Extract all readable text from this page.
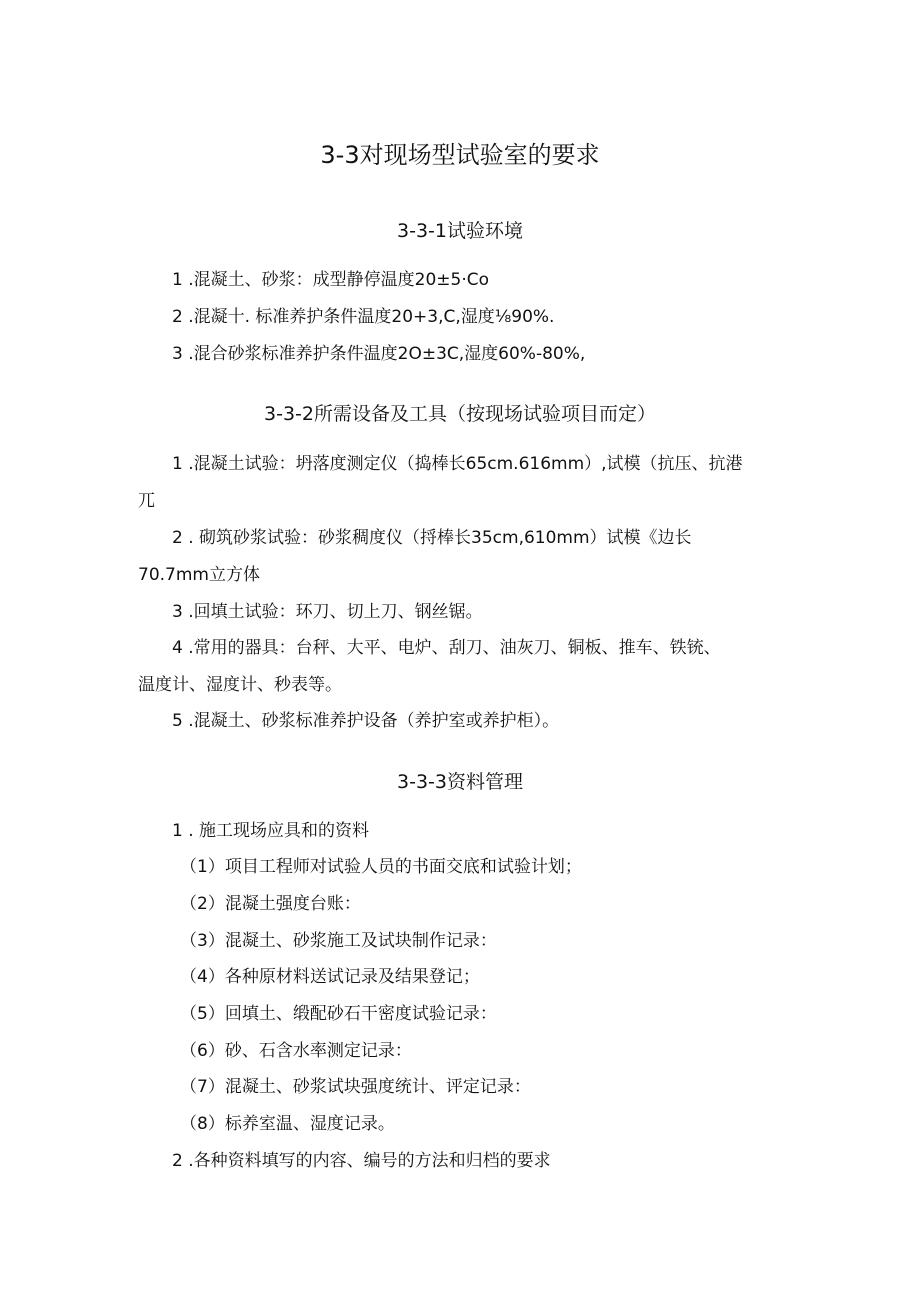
3-3对现场型试验室的要求
3-3-1试验环境
1 .混凝土、砂浆：成型静停温度20±5·Co
2 .混凝十. 标准养护条件温度20+3,C,湿度⅛90%.
3 .混合砂浆标准养护条件温度2O±3C,湿度60%-80%,
3-3-2所需设备及工具（按现场试验项目而定）
1 .混凝土试验：坍落度测定仪（捣棒长65cm.616mm）,试模（抗压、抗港
兀
2 . 砌筑砂浆试验：砂浆稠度仪（捋棒长35cm,610mm）试模《边长
70.7mm立方体
3 .回填土试验：环刀、切上刀、钢丝锯。
4 .常用的器具：台秤、大平、电炉、刮刀、油灰刀、铜板、推车、铁铳、
温度计、湿度计、秒表等。
5 .混凝土、砂浆标准养护设备（养护室或养护柜）。
3-3-3资料管理
1 . 施工现场应具和的资料
（1）项目工程师对试验人员的书面交底和试验计划；
（2）混凝土强度台账：
（3）混凝土、砂浆施工及试块制作记录：
（4）各种原材料送试记录及结果登记；
（5）回填土、缎配砂石干密度试验记录：
（6）砂、石含水率测定记录：
（7）混凝土、砂浆试块强度统计、评定记录：
（8）标养室温、湿度记录。
2 .各种资料填写的内容、编号的方法和归档的要求
